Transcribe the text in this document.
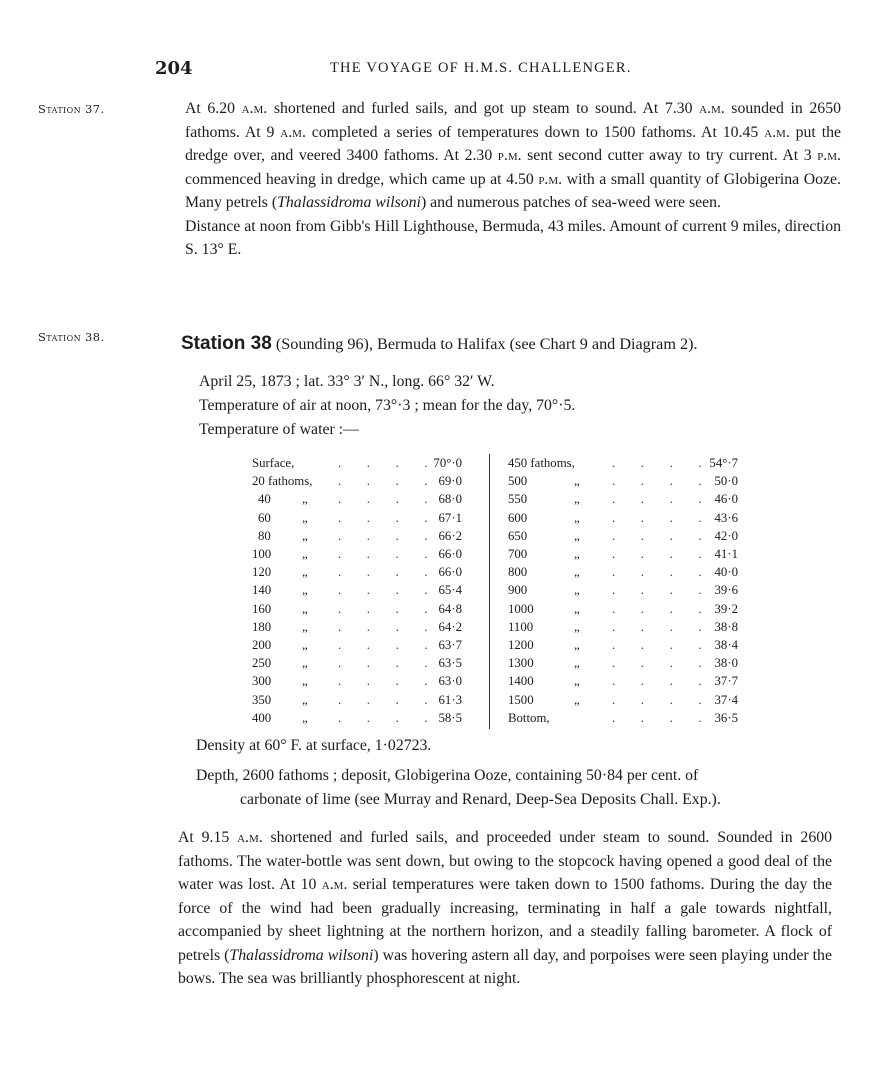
204	THE VOYAGE OF H.M.S. CHALLENGER.
Station 37.	At 6.20 a.m. shortened and furled sails, and got up steam to sound. At 7.30 a.m. sounded in 2650 fathoms. At 9 a.m. completed a series of temperatures down to 1500 fathoms. At 10.45 a.m. put the dredge over, and veered 3400 fathoms. At 2.30 p.m. sent second cutter away to try current. At 3 p.m. commenced heaving in dredge, which came up at 4.50 p.m. with a small quantity of Globigerina Ooze. Many petrels (Thalassidroma wilsoni) and numerous patches of sea-weed were seen.
Distance at noon from Gibb's Hill Lighthouse, Bermuda, 43 miles. Amount of current 9 miles, direction S. 13° E.
Station 38.	Station 38 (Sounding 96), Bermuda to Halifax (see Chart 9 and Diagram 2).
April 25, 1873 ; lat. 33° 3′ N., long. 66° 32′ W.
Temperature of air at noon, 73°·3 ; mean for the day, 70°·5.
Temperature of water :—
Surface,	.  .  .  . 70°·0
20 fathoms, .  .  .  . 69·0
40 „ .  .  .  . 68·0
60 „ .  .  .  . 67·1
80 „ .  .  .  . 66·2
100 „ .  .  .  . 66·0
120 „ .  .  .  . 66·0
140 „ .  .  .  . 65·4
160 „ .  .  .  . 64·8
180 „ .  .  .  . 64·2
200 „ .  .  .  . 63·7
250 „ .  .  .  . 63·5
300 „ .  .  .  . 63·0
350 „ .  .  .  . 61·3
400 „ .  .  .  . 58·5
450 fathoms,	.  .  .  . 54°·7
500	„	.  .  .  . 50·0
550	„	.  .  .  . 46·0
600	„	.  .  .  . 43·6
650	„	.  .  .  . 42·0
700	„	.  .  .  . 41·1
800	„	.  .  .  . 40·0
900	„	.  .  .  . 39·6
1000	„	.  .  .  . 39·2
1100	„	.  .  .  . 38·8
1200	„	.  .  .  . 38·4
1300	„	.  .  .  . 38·0
1400	„	.  .  .  . 37·7
1500	„	.  .  .  . 37·4
Bottom,	.  .  .  . 36·5
Density at 60° F. at surface, 1·02723.
Depth, 2600 fathoms ; deposit, Globigerina Ooze, containing 50·84 per cent. of
carbonate of lime (see Murray and Renard, Deep-Sea Deposits Chall. Exp.).
At 9.15 a.m. shortened and furled sails, and proceeded under steam to sound. Sounded in 2600 fathoms. The water-bottle was sent down, but owing to the stopcock having opened a good deal of the water was lost. At 10 a.m. serial temperatures were taken down to 1500 fathoms. During the day the force of the wind had been gradually increasing, terminating in half a gale towards nightfall, accompanied by sheet lightning at the northern horizon, and a steadily falling barometer. A flock of petrels (Thalassidroma wilsoni) was hovering astern all day, and porpoises were seen playing under the bows. The sea was brilliantly phosphorescent at night.
